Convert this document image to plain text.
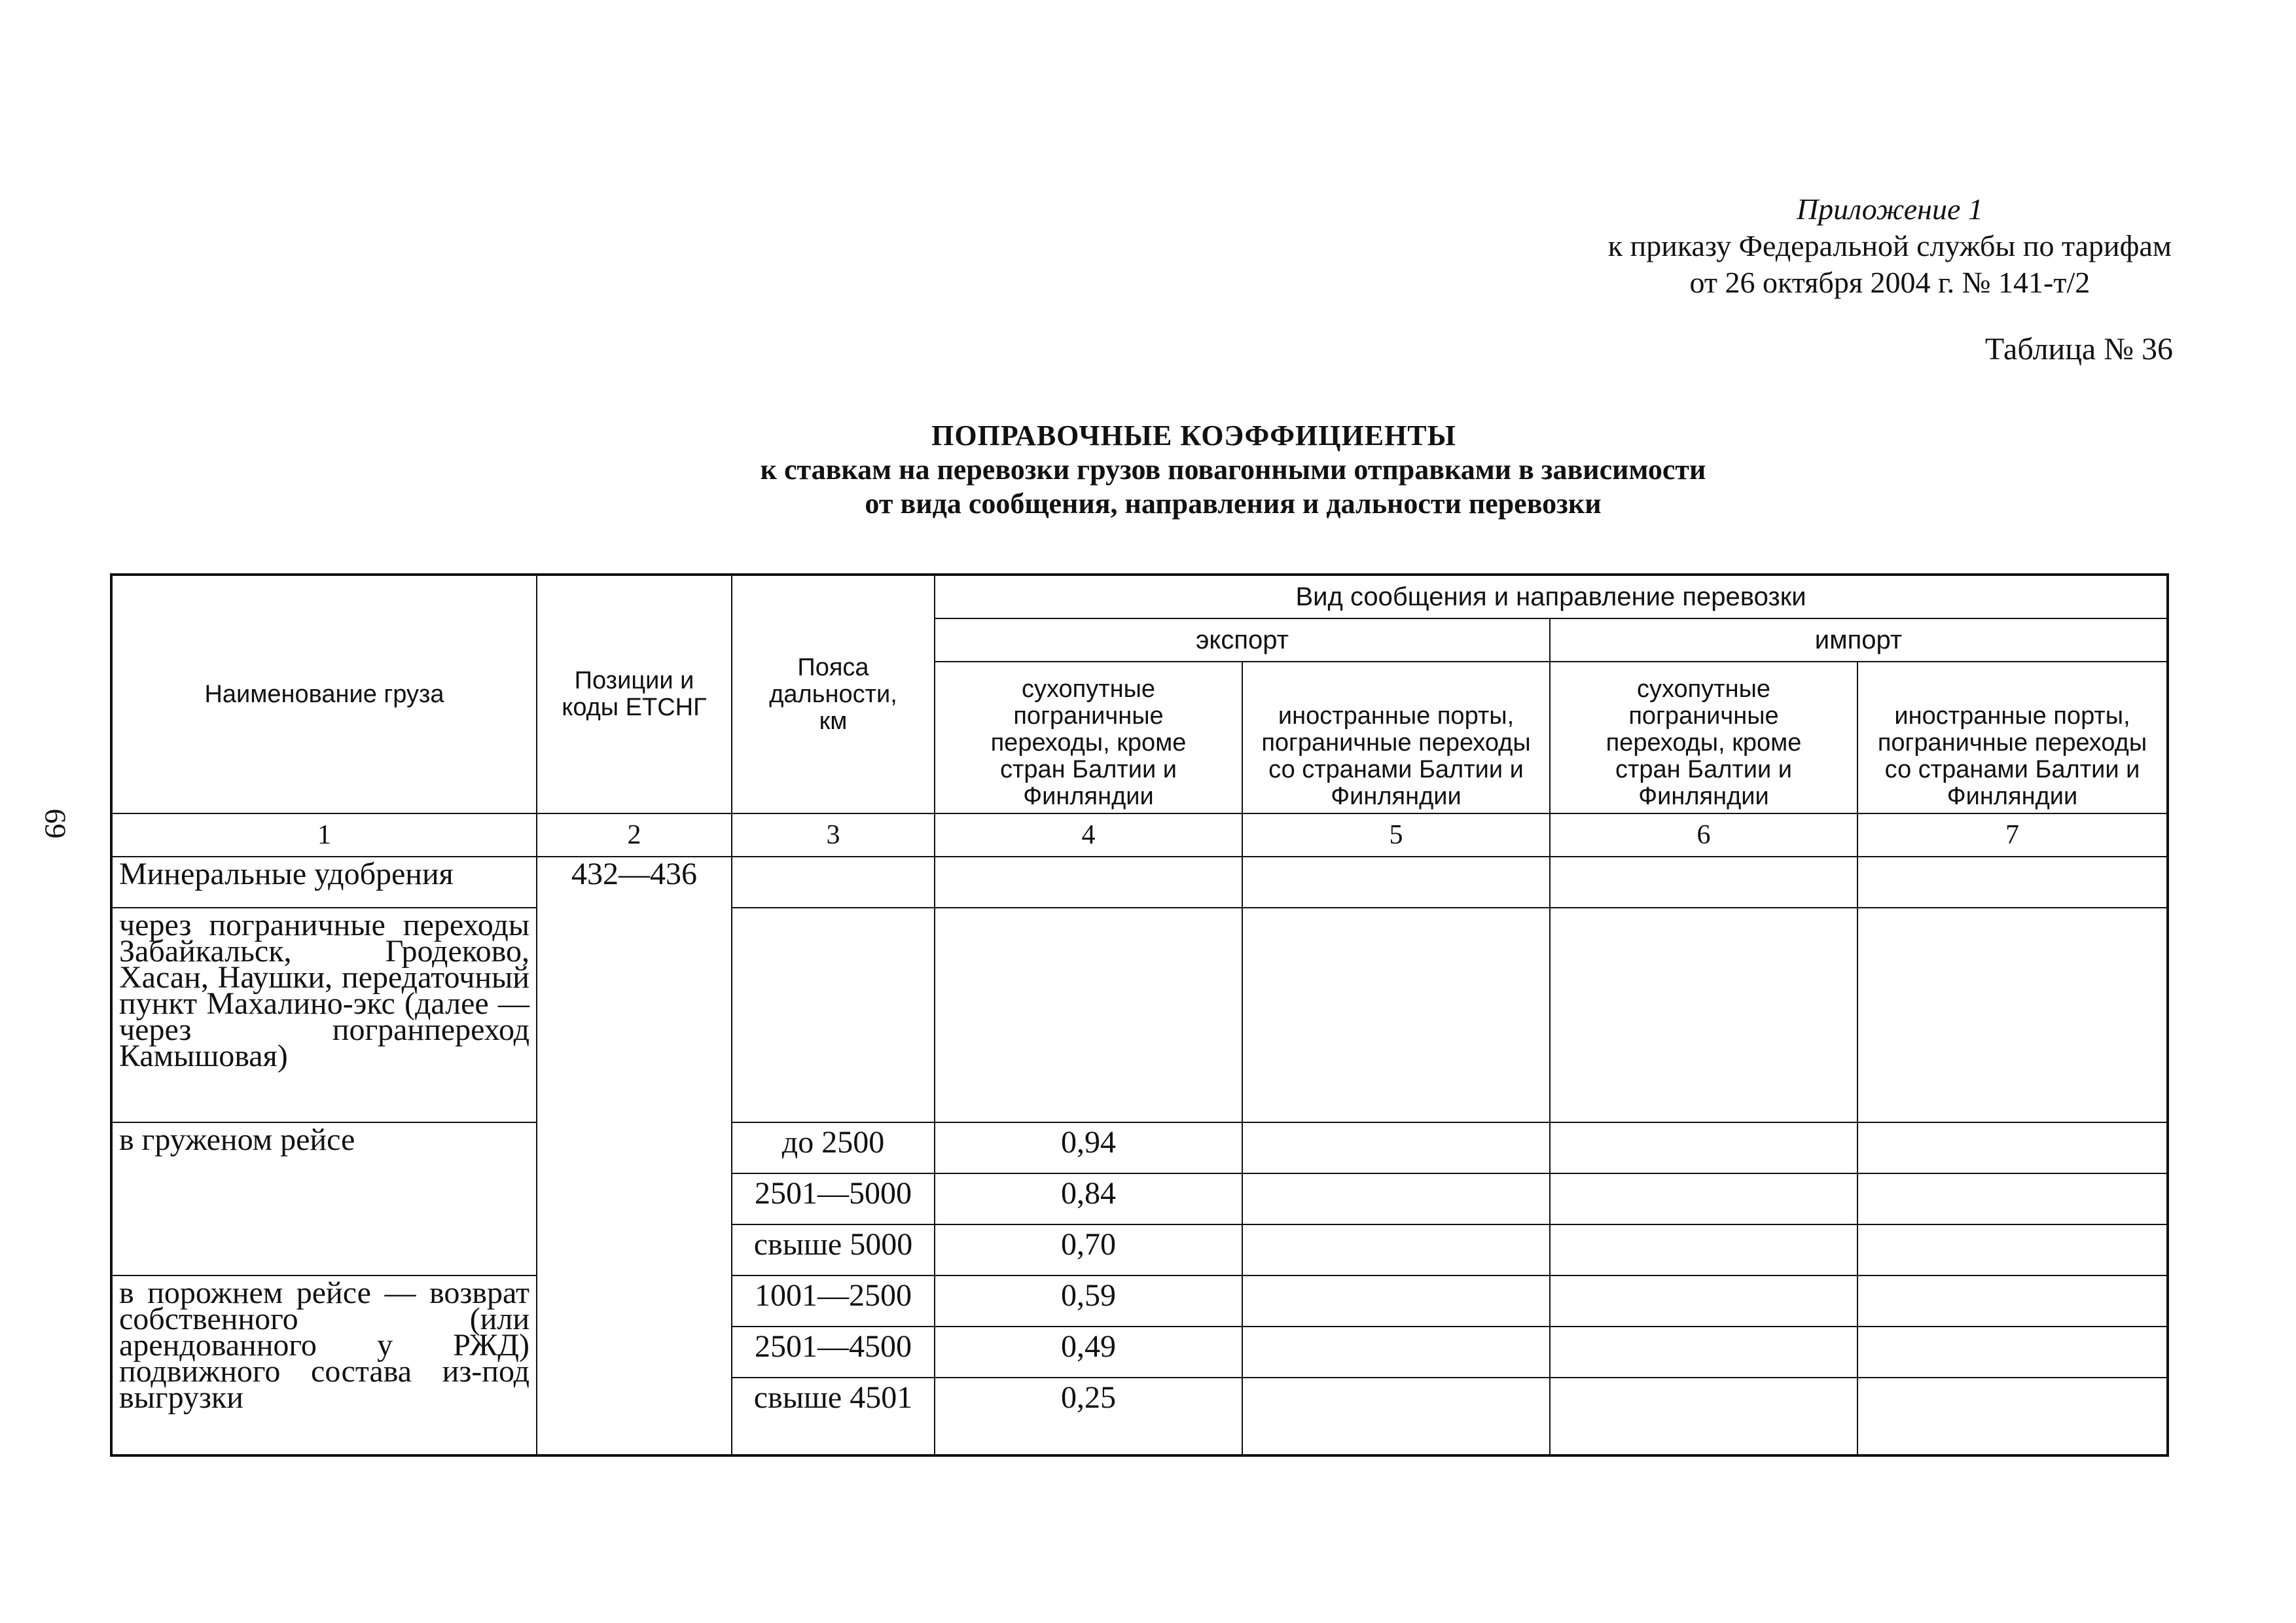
Приложение 1
к приказу Федеральной службы по тарифам
от 26 октября 2004 г. № 141-т/2
Таблица № 36
69
ПОПРАВОЧНЫЕ КОЭФФИЦИЕНТЫ
к ставкам на перевозки грузов повагонными отправками в зависимости
от вида сообщения, направления и дальности перевозки
Наименование груза	Позиции и коды ЕТСНГ	Пояса дальности, км	Вид сообщения и направление перевозки			
			экспорт		импорт	
			сухопутные пограничные переходы, кроме стран Балтии и Финляндии	иностранные порты, пограничные переходы со странами Балтии и Финляндии	сухопутные пограничные переходы, кроме стран Балтии и Финляндии	иностранные порты, пограничные переходы со странами Балтии и Финляндии
1	2	3	4	5	6	7
Минеральные удобрения	432—436					
через пограничные переходы Забайкальск, Гродеково, Хасан, Наушки, передаточный пункт Махалино-экс (далее — через погранпереход Камышовая)						
в груженом рейсе		до 2500	0,94			
		2501—5000	0,84			
		свыше 5000	0,70			
в порожнем рейсе — возврат собственного (или арендованного у РЖД) подвижного состава из-под выгрузки		1001—2500	0,59			
		2501—4500	0,49			
		свыше 4501	0,25			
